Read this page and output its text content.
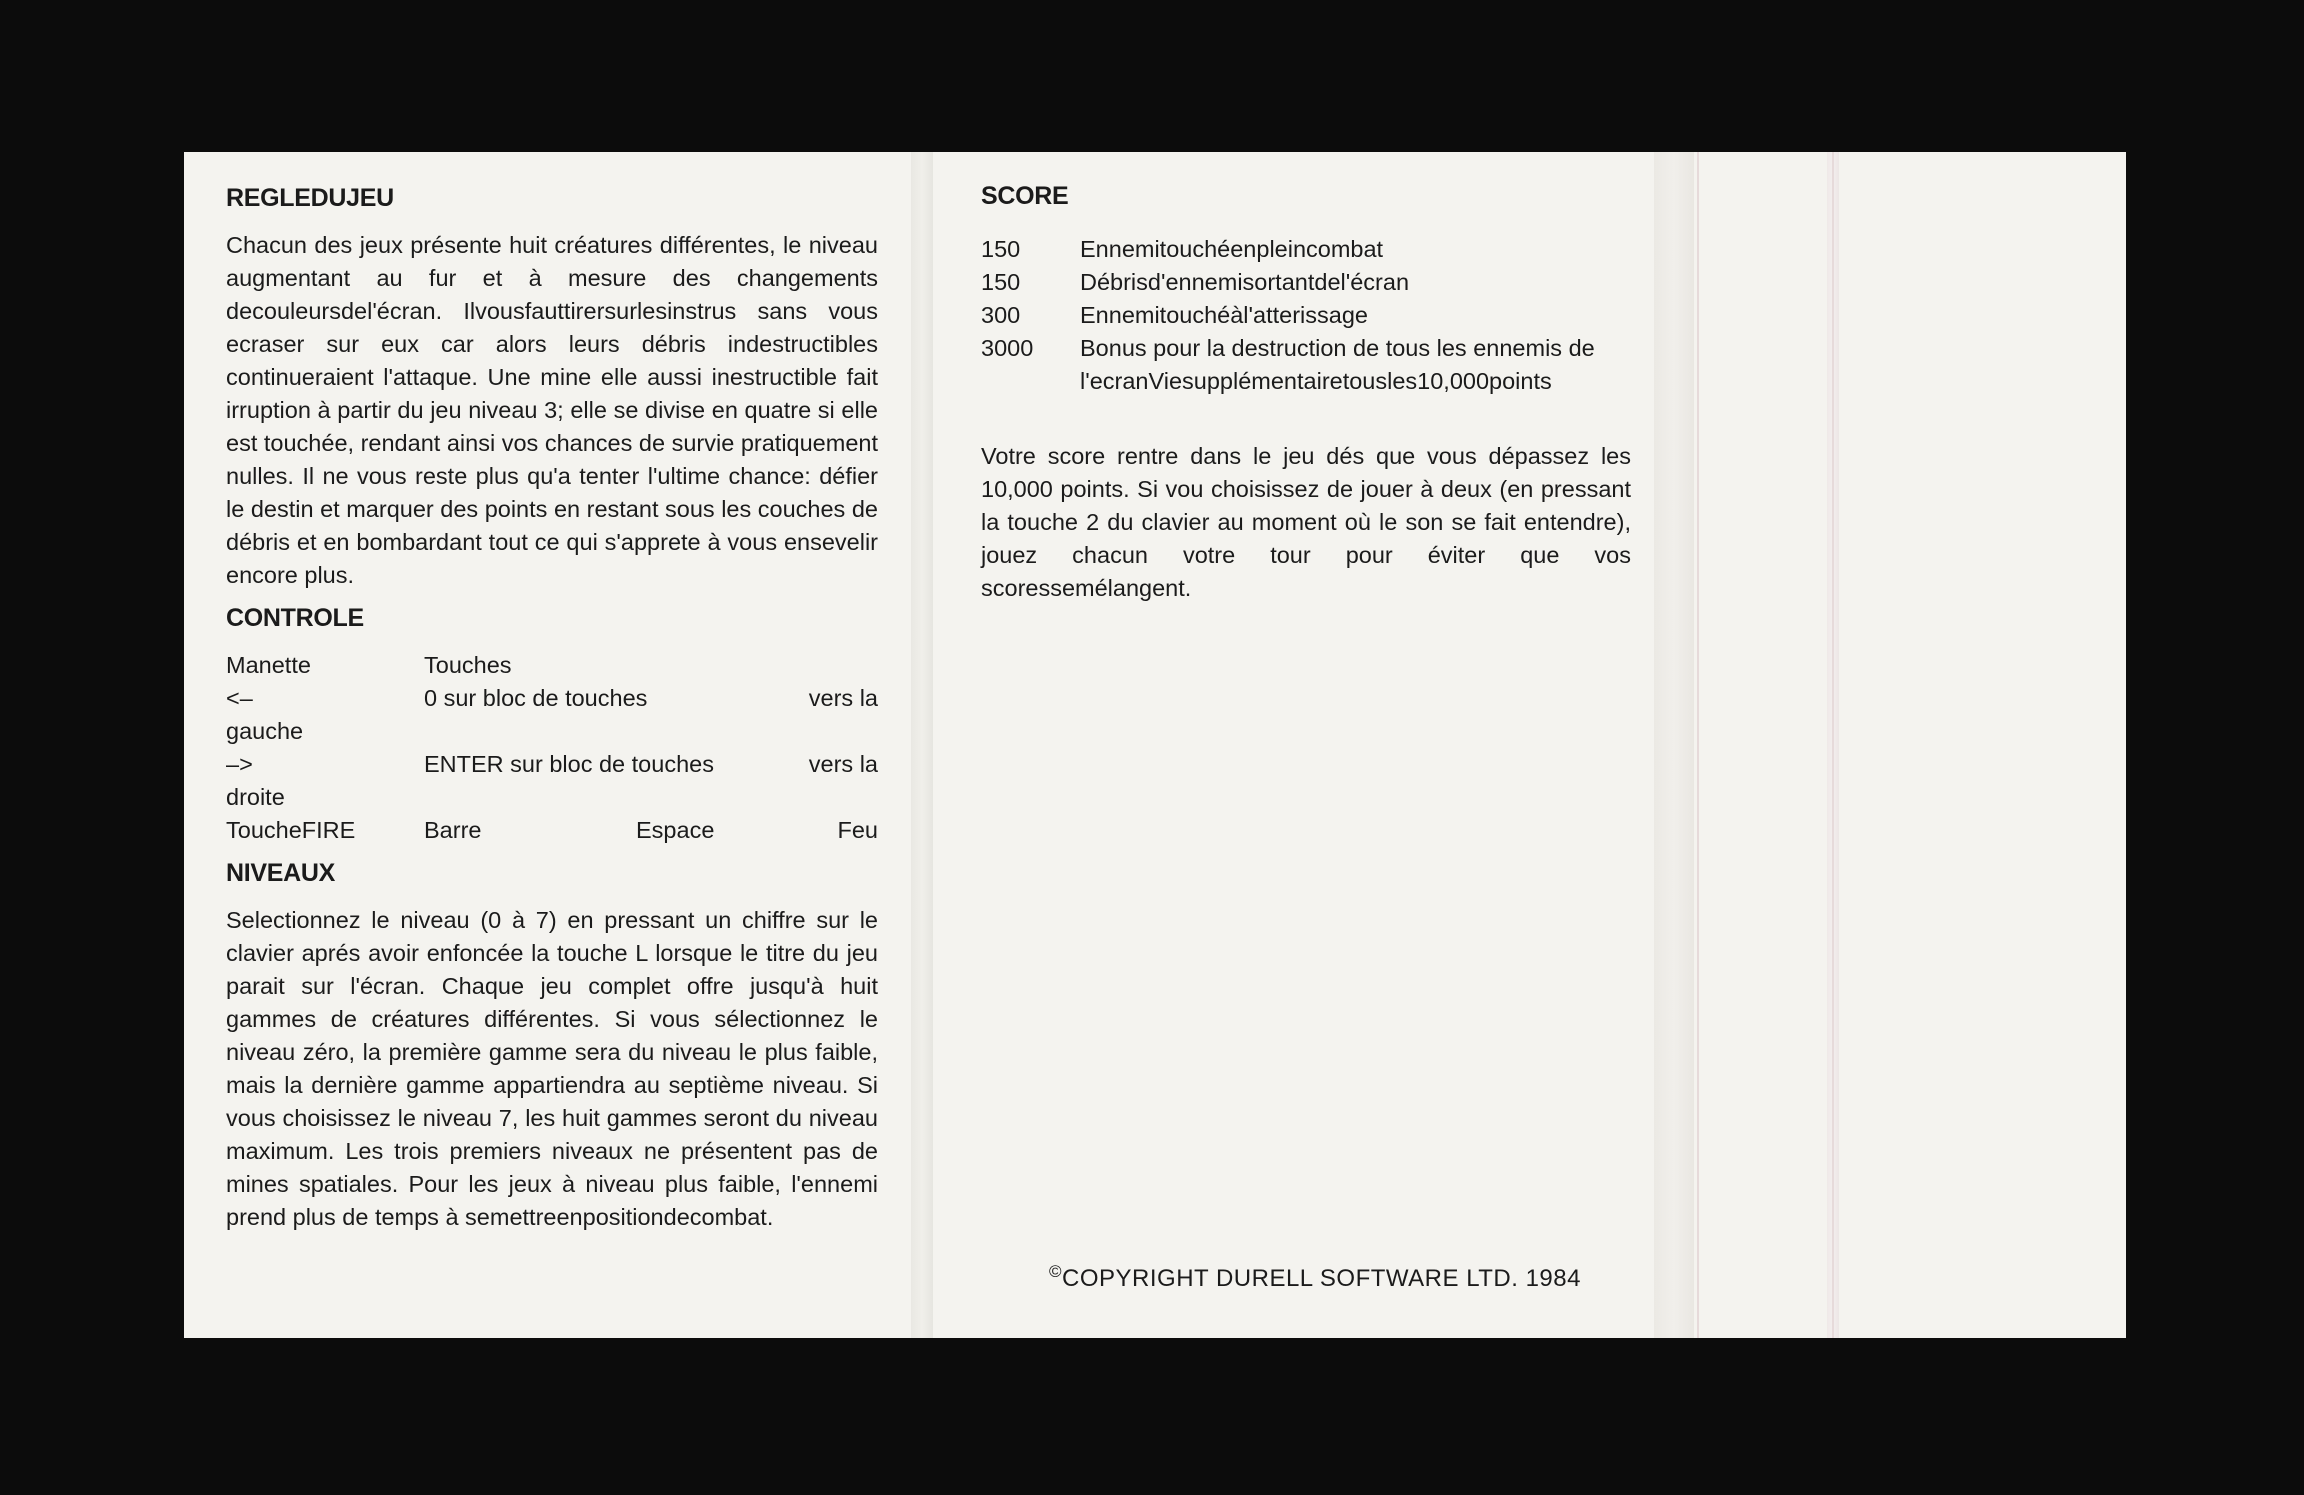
REGLEDUJEU
Chacun des jeux présente huit créatures différentes, le niveau augmentant au fur et à mesure des changements decouleursdel'écran. Ilvousfauttirersurlesinstrus sans vous ecraser sur eux car alors leurs débris indestructibles continueraient l'attaque. Une mine elle aussi inestructible fait irruption à partir du jeu niveau 3; elle se divise en quatre si elle est touchée, rendant ainsi vos chances de survie pratiquement nulles. Il ne vous reste plus qu'a tenter l'ultime chance: défier le destin et marquer des points en restant sous les couches de débris et en bombardant tout ce qui s'apprete à vous ensevelir encore plus.
CONTROLE
Manette	Touches
<–	0 sur bloc de touches	vers la
gauche
–>	ENTER sur bloc de touches	vers la
droite
ToucheFIRE	Barre	Espace	Feu
NIVEAUX
Selectionnez le niveau (0 à 7) en pressant un chiffre sur le clavier aprés avoir enfoncée la touche L lorsque le titre du jeu parait sur l'écran. Chaque jeu complet offre jusqu'à huit gammes de créatures différentes. Si vous sélectionnez le niveau zéro, la première gamme sera du niveau le plus faible, mais la dernière gamme appartiendra au septième niveau. Si vous choisissez le niveau 7, les huit gammes seront du niveau maximum. Les trois premiers niveaux ne présentent pas de mines spatiales. Pour les jeux à niveau plus faible, l'ennemi prend plus de temps à semettreenpositiondecombat.
SCORE
150	Ennemitouchéenpleincombat
150	Débrisd'ennemisortantdel'écran
300	Ennemitouchéàl'atterissage
3000	Bonus pour la destruction de tous les ennemis de l'ecranViesupplémentairetousles10,000points
Votre score rentre dans le jeu dés que vous dépassez les 10,000 points. Si vou choisissez de jouer à deux (en pressant la touche 2 du clavier au moment où le son se fait entendre), jouez chacun votre tour pour éviter que vos scoressemélangent.
©COPYRIGHT DURELL SOFTWARE LTD. 1984
